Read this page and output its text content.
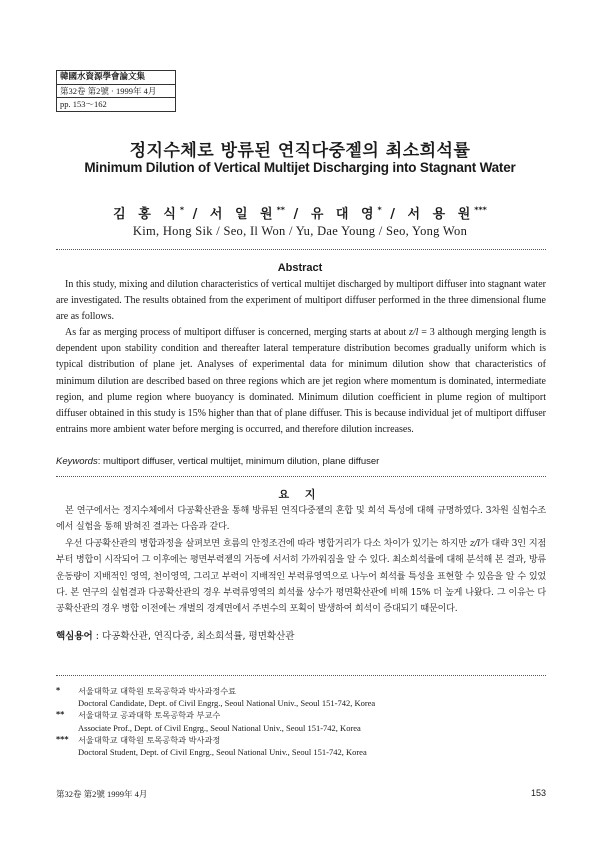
韓國水資源學會論文集
第32卷 第2號 · 1999年 4月
pp. 153～162
정지수체로 방류된 연직다중젵의 최소희석률
Minimum Dilution of Vertical Multijet Discharging into Stagnant Water
김 홍 식* / 서 일 원** / 유 대 영* / 서 용 원***
Kim, Hong Sik / Seo, Il Won / Yu, Dae Young / Seo, Yong Won
Abstract

In this study, mixing and dilution characteristics of vertical multijet discharged by multiport diffuser into stagnant water are investigated. The results obtained from the experiment of multiport diffuser performed in the three dimensional flume are as follows.

As far as merging process of multiport diffuser is concerned, merging starts at about z/l = 3 although merging length is dependent upon stability condition and thereafter lateral temperature distribution becomes gradually uniform which is typical distribution of plane jet. Analyses of experimental data for minimum dilution show that characteristics of minimum dilution are described based on three regions which are jet region where momentum is dominated, intermediate region, and plume region where buoyancy is dominated. Minimum dilution coefficient in plume region of multiport diffuser obtained in this study is 15% higher than that of plane diffuser. This is because individual jet of multiport diffuser entrains more ambient water before merging is occurred, and therefore dilution increases.

Keywords: multiport diffuser, vertical multijet, minimum dilution, plane diffuser
요 지

본 연구에서는 정지수체에서 다공확산관을 통해 방류된 연직다중젵의 혼합 및 희석 특성에 대해 규명하였다. 3차원 실험수조에서 실험을 통해 밝혀진 결과는 다음과 같다.

우선 다공확산관의 병합과정을 살펴보면 흐름의 안정조건에 따라 병합거리가 다소 차이가 있기는 하지만 z/l가 대략 3인 지점부터 병합이 시작되어 그 이후에는 평면부력젵의 거동에 서서히 가까워짐을 알 수 있다. 최소희석률에 대해 분석해 본 결과, 방류운동량이 지배적인 영역, 천이영역, 그리고 부력이 지배적인 부력류영역으로 나누어 희석률 특성을 표현할 수 있음을 알 수 있었다. 본 연구의 실험결과 다공확산관의 경우 부력류영역의 희석률 상수가 평면확산관에 비해 15% 더 높게 나왔다. 그 이유는 다공확산관의 경우 병합 이전에는 개별의 경계면에서 주변수의 포획이 발생하여 희석이 증대되기 때문이다.

핵심용어 : 다공확산관, 연직다중, 최소희석률, 평면확산관
*	서울대학교 대학원 토목공학과 박사과정수료
Doctoral Candidate, Dept. of Civil Engrg., Seoul National Univ., Seoul 151-742, Korea
**	서울대학교 공과대학 토목공학과 부교수
Associate Prof., Dept. of Civil Engrg., Seoul National Univ., Seoul 151-742, Korea
***	서울대학교 대학원 토목공학과 박사과정
Doctoral Student, Dept. of Civil Engrg., Seoul National Univ., Seoul 151-742, Korea
第32卷 第2號 1999年 4月	153
